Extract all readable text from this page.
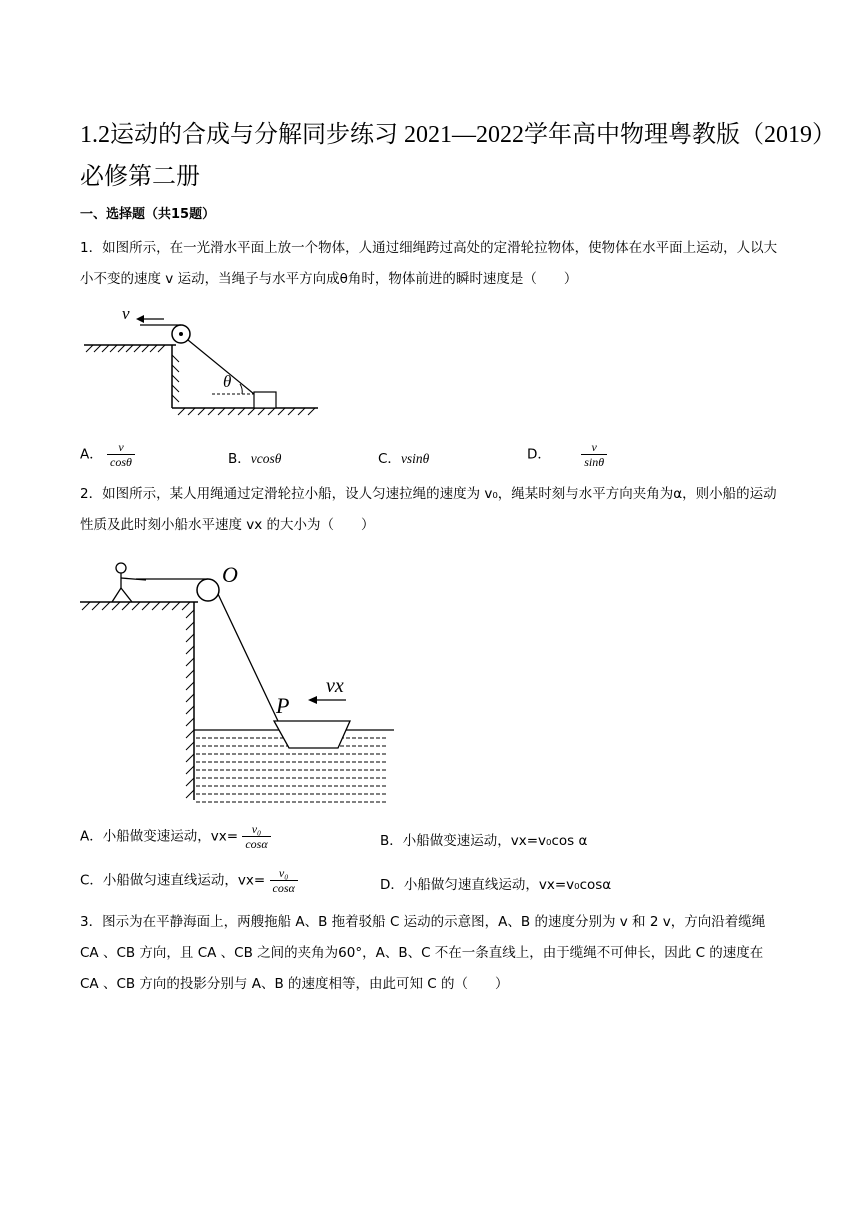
1.2运动的合成与分解同步练习 2021—2022学年高中物理粤教版（2019）
必修第二册
一、选择题（共15题）
1．如图所示，在一光滑水平面上放一个物体，人通过细绳跨过高处的定滑轮拉物体，使物体在水平面上运动，人以大小不变的速度 v 运动，当绳子与水平方向成θ角时，物体前进的瞬时速度是（　　）
v
θ
A． $\frac{v}{\cos\theta}$	B．vcosθ	C．vsinθ	D．	$\frac{v}{\sin\theta}$
2．如图所示，某人用绳通过定滑轮拉小船，设人匀速拉绳的速度为 v₀，绳某时刻与水平方向夹角为α，则小船的运动性质及此时刻小船水平速度 vx 的大小为（　　）
O
P
vx
A．小船做变速运动，$vx= \frac{\text{v₀}}{\cos\alpha}$	B．小船做变速运动，vx=v₀cos α
C．小船做匀速直线运动，$vx= \frac{\text{v₀}}{\cos\alpha}$	D．小船做匀速直线运动，vx=v₀cosα
3．图示为在平静海面上，两艘拖船 A、B 拖着驳船 C 运动的示意图，A、B 的速度分别为 v 和 2 v，方向沿着缆绳 CA 、CB 方向，且 CA 、CB 之间的夹角为60°，A、B、C 不在一条直线上，由于缆绳不可伸长，因此 C 的速度在 CA 、CB 方向的投影分别与 A、B 的速度相等，由此可知 C 的（　　）
